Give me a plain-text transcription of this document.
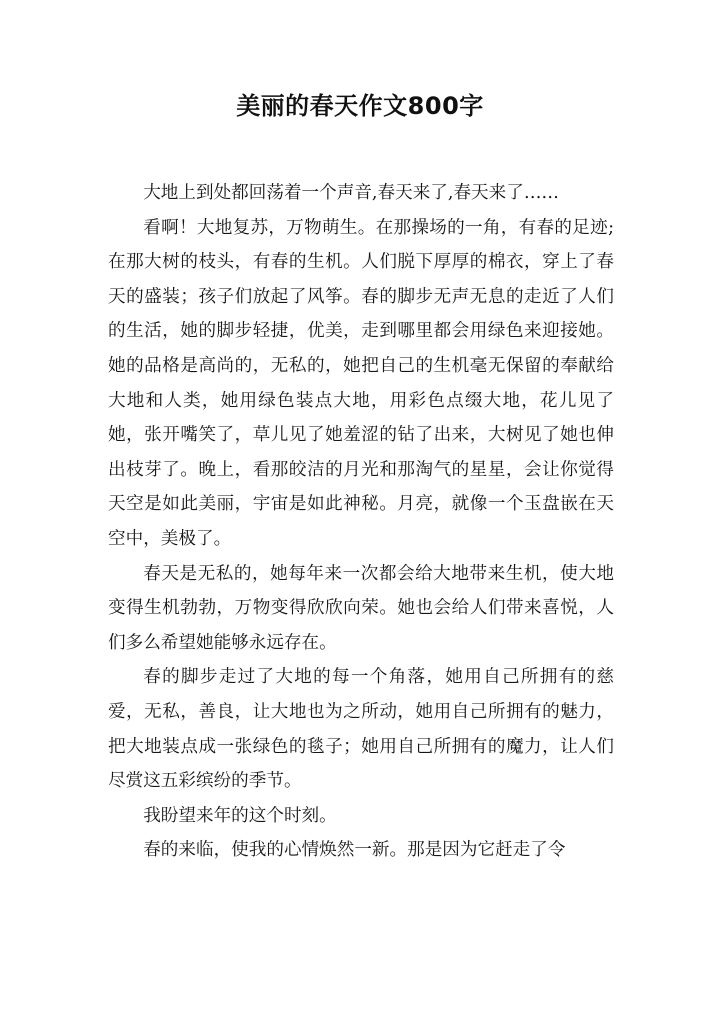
美丽的春天作文800字

大地上到处都回荡着一个声音,春天来了,春天来了……

看啊！大地复苏，万物萌生。在那操场的一角，有春的足迹; 在那大树的枝头，有春的生机。人们脱下厚厚的棉衣，穿上了春天的盛装；孩子们放起了风筝。春的脚步无声无息的走近了人们的生活，她的脚步轻捷，优美，走到哪里都会用绿色来迎接她。她的品格是高尚的，无私的，她把自己的生机毫无保留的奉献给大地和人类，她用绿色装点大地，用彩色点缀大地，花儿见了她，张开嘴笑了，草儿见了她羞涩的钻了出来，大树见了她也伸出枝芽了。晚上，看那皎洁的月光和那淘气的星星，会让你觉得天空是如此美丽，宇宙是如此神秘。月亮，就像一个玉盘嵌在天空中，美极了。

春天是无私的，她每年来一次都会给大地带来生机，使大地变得生机勃勃，万物变得欣欣向荣。她也会给人们带来喜悦，人们多么希望她能够永远存在。

春的脚步走过了大地的每一个角落，她用自己所拥有的慈爱，无私，善良，让大地也为之所动，她用自己所拥有的魅力，把大地装点成一张绿色的毯子；她用自己所拥有的魔力，让人们尽赏这五彩缤纷的季节。

我盼望来年的这个时刻。

春的来临，使我的心情焕然一新。那是因为它赶走了令
